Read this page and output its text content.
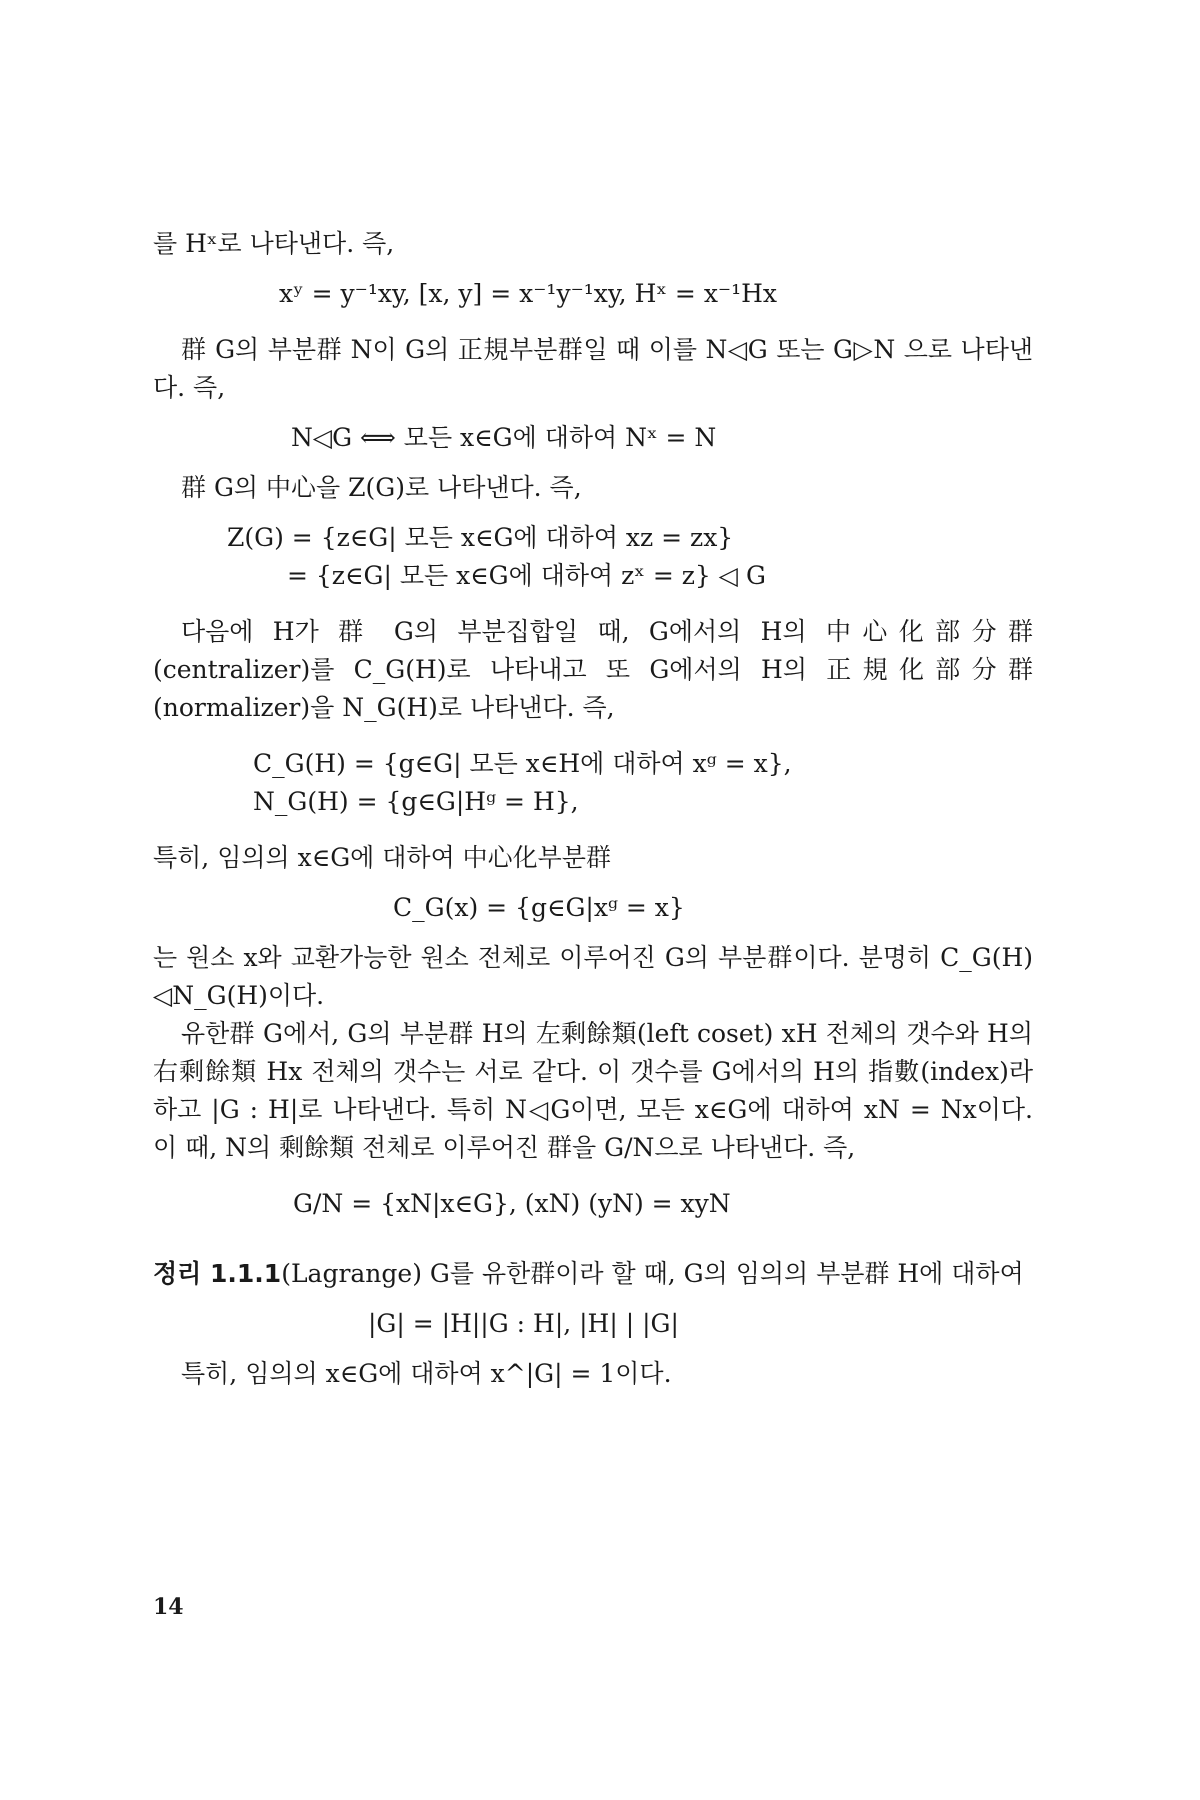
를 Hˣ로 나타낸다. 즉,

xʸ = y⁻¹xy, [x, y] = x⁻¹y⁻¹xy, Hˣ = x⁻¹Hx

群 G의 부분群 N이 G의 正規부분群일 때 이를 N◁G 또는 G▷N 으로 나타낸다. 즉,

N◁G ⟺ 모든 x∈G에 대하여 Nˣ = N

群 G의 中心을 Z(G)로 나타낸다. 즉,

Z(G) = {z∈G| 모든 x∈G에 대하여 xz = zx}

= {z∈G| 모든 x∈G에 대하여 zˣ = z} ◁ G

다음에 H가 群 G의 부분집합일 때, G에서의 H의 中心化部分群 (centralizer)를 C_G(H)로 나타내고 또 G에서의 H의 正規化部分群 (normalizer)을 N_G(H)로 나타낸다. 즉,

C_G(H) = {g∈G| 모든 x∈H에 대하여 xᵍ = x},

N_G(H) = {g∈G|Hᵍ = H},

특히, 임의의 x∈G에 대하여 中心化부분群

C_G(x) = {g∈G|xᵍ = x}

는 원소 x와 교환가능한 원소 전체로 이루어진 G의 부분群이다. 분명히 C_G(H) ◁N_G(H)이다.

유한群 G에서, G의 부분群 H의 左剩餘類(left coset) xH 전체의 갯수와 H의 右剩餘類 Hx 전체의 갯수는 서로 같다. 이 갯수를 G에서의 H의 指數(index)라 하고 |G : H|로 나타낸다. 특히 N◁G이면, 모든 x∈G에 대하여 xN = Nx이다. 이 때, N의 剩餘類 전체로 이루어진 群을 G/N으로 나타낸다. 즉,

G/N = {xN|x∈G}, (xN) (yN) = xyN

정리 1.1.1(Lagrange) G를 유한群이라 할 때, G의 임의의 부분群 H에 대하여

|G| = |H||G : H|, |H| | |G|

특히, 임의의 x∈G에 대하여 x^|G| = 1이다.

14
